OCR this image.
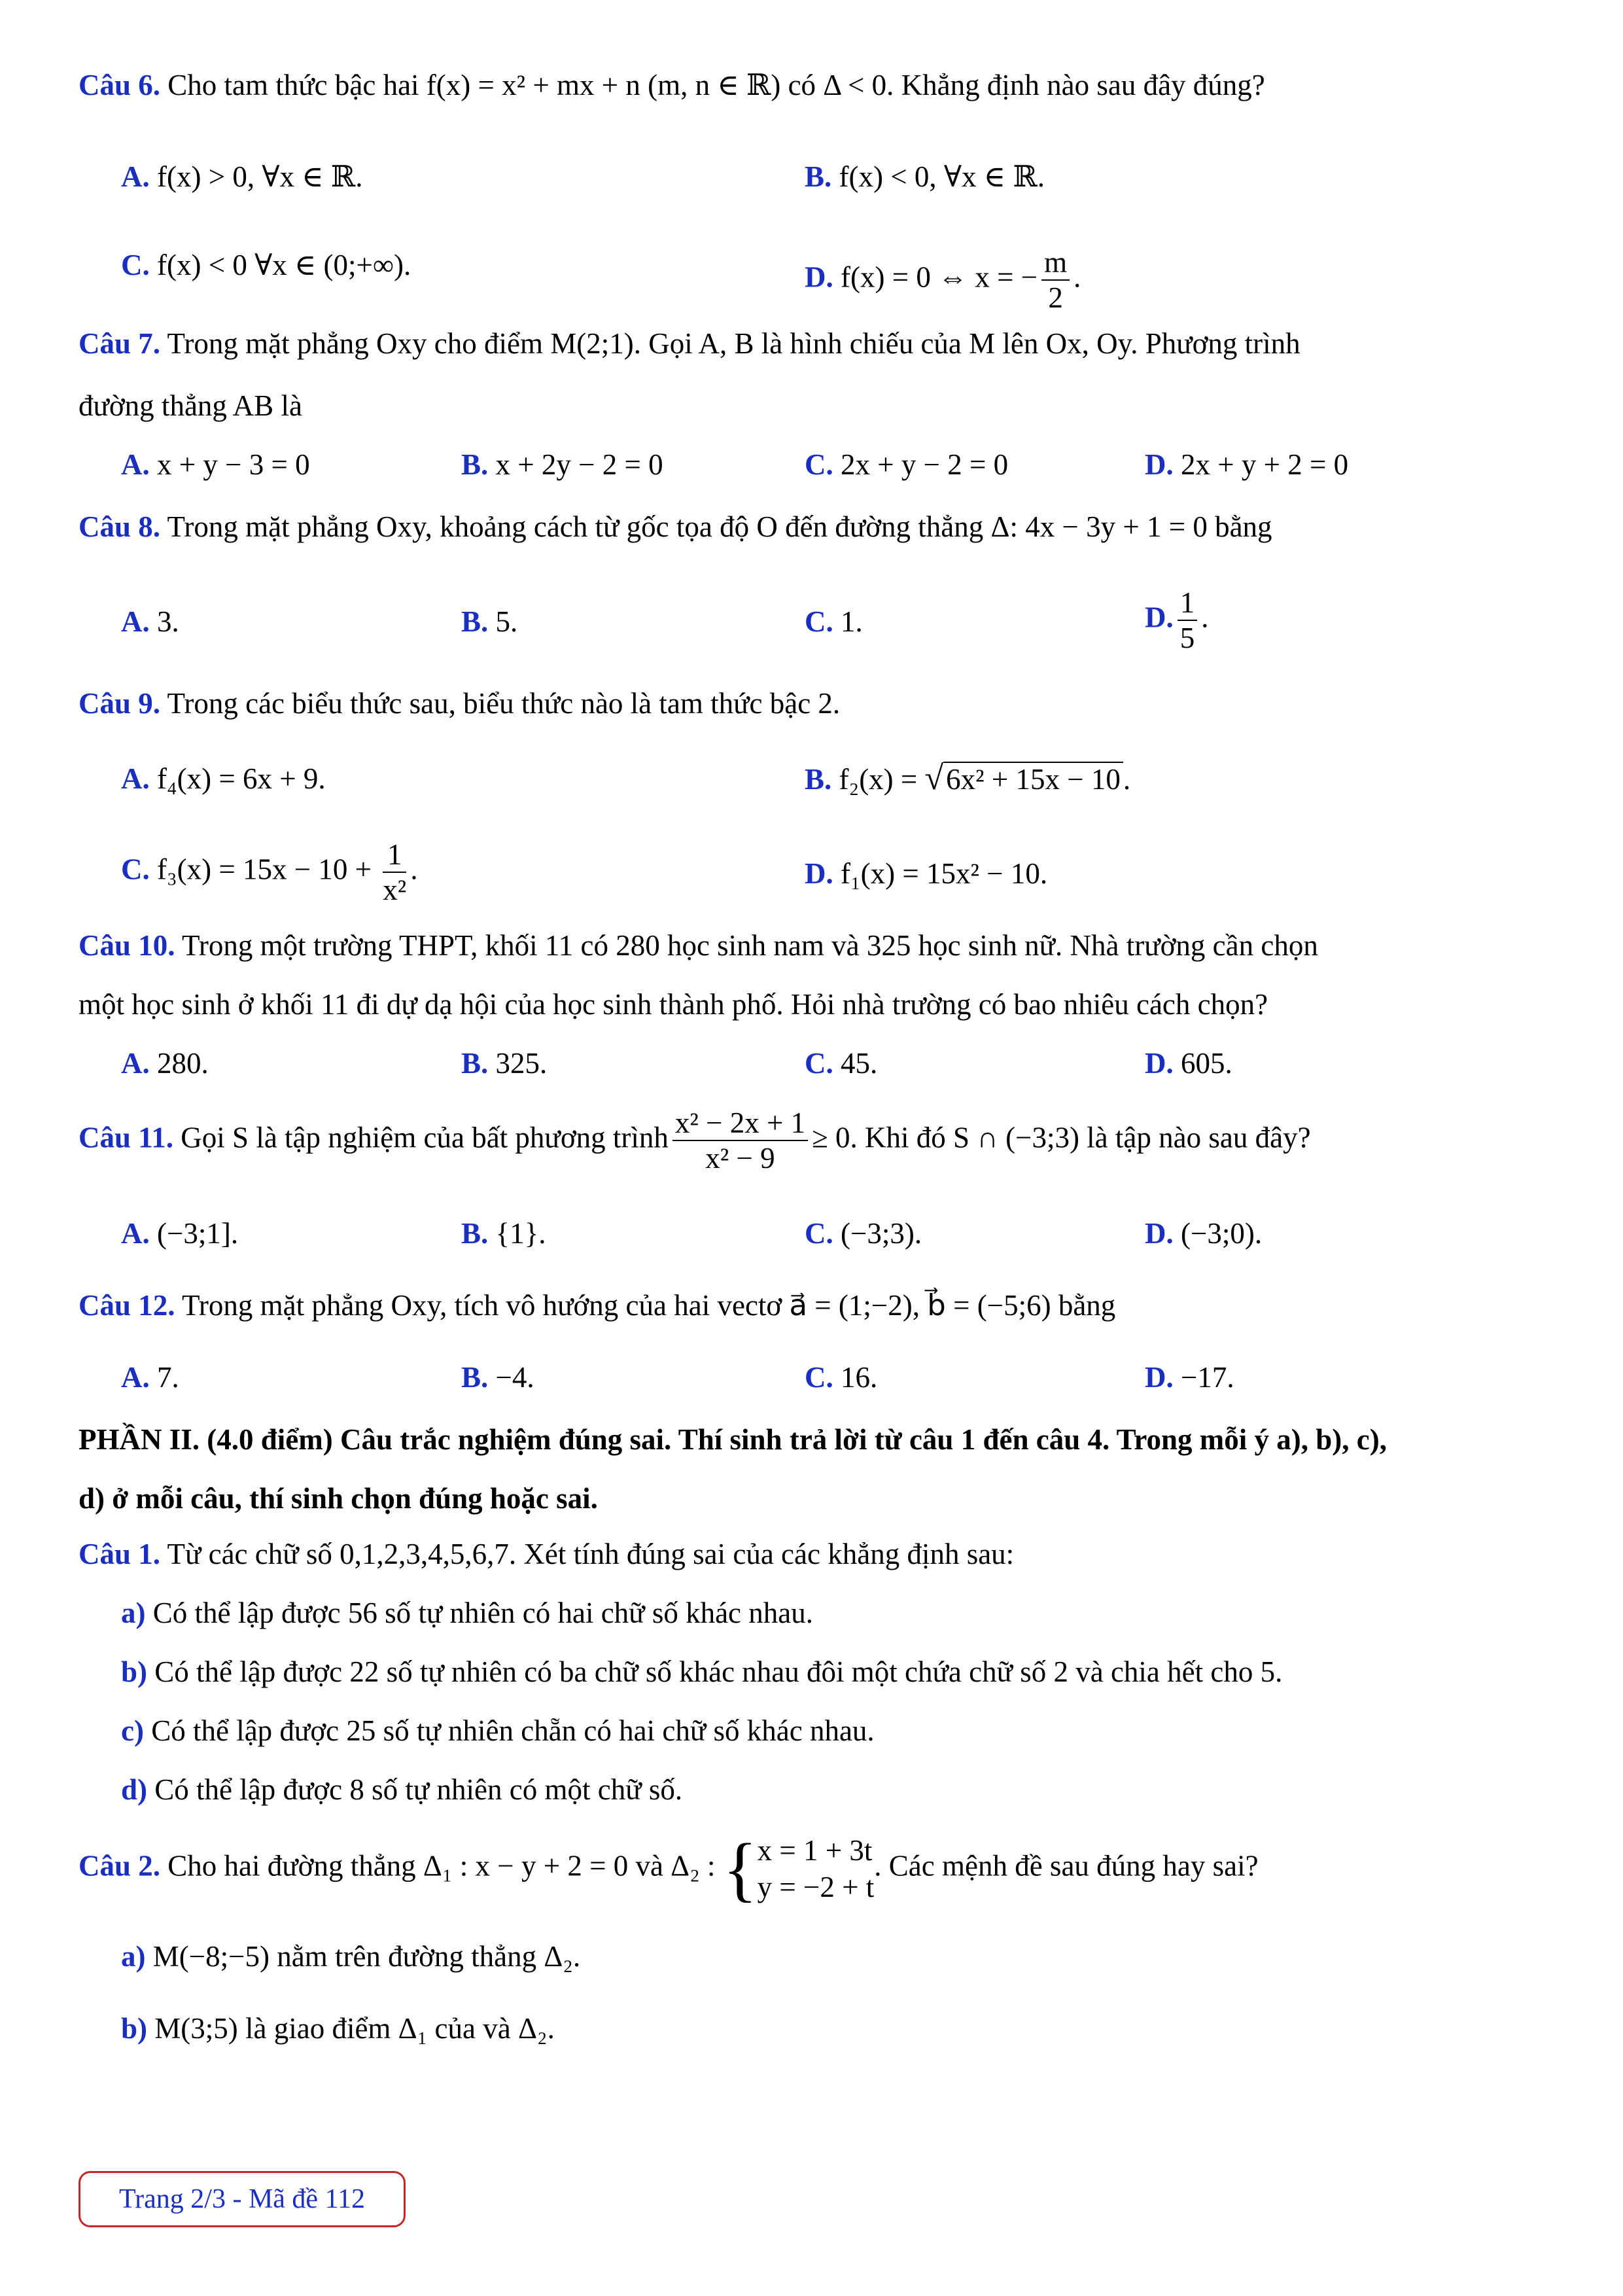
Câu 6. Cho tam thức bậc hai f(x) = x² + mx + n (m, n ∈ ℝ) có Δ < 0. Khẳng định nào sau đây đúng?
A. f(x) > 0, ∀x ∈ ℝ.	B. f(x) < 0, ∀x ∈ ℝ.
C. f(x) < 0 ∀x ∈ (0;+∞).	D. f(x) = 0 ⇔ x = − $\frac{m}{2}$ .
Câu 7. Trong mặt phẳng Oxy cho điểm M(2;1). Gọi A, B là hình chiếu của M lên Ox, Oy. Phương trình
đường thẳng AB là
A. x + y − 3 = 0	B. x + 2y − 2 = 0	C. 2x + y − 2 = 0	D. 2x + y + 2 = 0
Câu 8. Trong mặt phẳng Oxy, khoảng cách từ gốc tọa độ O đến đường thẳng Δ: 4x − 3y + 1 = 0 bằng
A. 3.	B. 5.	C. 1.	D. $\frac{1}{5}$ .
Câu 9. Trong các biểu thức sau, biểu thức nào là tam thức bậc 2.
A. f₄(x) = 6x + 9.	B. f₂(x) = √6x² + 15x − 10.
C. $f_3(x) = 15x - 10 + \frac{1}{\text{x²}}$ .	D. f₁(x) = 15x² − 10.
Câu 10. Trong một trường THPT, khối 11 có 280 học sinh nam và 325 học sinh nữ. Nhà trường cần chọn
một học sinh ở khối 11 đi dự dạ hội của học sinh thành phố. Hỏi nhà trường có bao nhiêu cách chọn?
A. 280.	B. 325.	C. 45.	D. 605.
Câu 11. Gọi S là tập nghiệm của bất phương trình $\frac{\text{x² − 2x + 1}}{\text{x² − 9}} \ge 0$. Khi đó S ∩ (−3;3) là tập nào sau đây?
A. (−3;1].	B. {1}.	C. (−3;3).	D. (−3;0).
Câu 12. Trong mặt phẳng Oxy, tích vô hướng của hai vectơ a⃗ = (1;−2), b⃗ = (−5;6) bằng
A. 7.	B. −4.	C. 16.	D. −17.
PHẦN II. (4.0 điểm) Câu trắc nghiệm đúng sai. Thí sinh trả lời từ câu 1 đến câu 4. Trong mỗi ý a), b), c),
d) ở mỗi câu, thí sinh chọn đúng hoặc sai.
Câu 1. Từ các chữ số 0,1,2,3,4,5,6,7. Xét tính đúng sai của các khẳng định sau:
a) Có thể lập được 56 số tự nhiên có hai chữ số khác nhau.
b) Có thể lập được 22 số tự nhiên có ba chữ số khác nhau đôi một chứa chữ số 2 và chia hết cho 5.
c) Có thể lập được 25 số tự nhiên chẵn có hai chữ số khác nhau.
d) Có thể lập được 8 số tự nhiên có một chữ số.
Câu 2. Cho hai đường thẳng Δ₁ : x − y + 2 = 0 và Δ₂ : { x = 1 + 3t
y = −2 + t
. Các mệnh đề sau đúng hay sai?
a) M(−8;−5) nằm trên đường thẳng Δ₂.
b) M(3;5) là giao điểm Δ₁ của và Δ₂.
Trang 2/3 - Mã đề 112
